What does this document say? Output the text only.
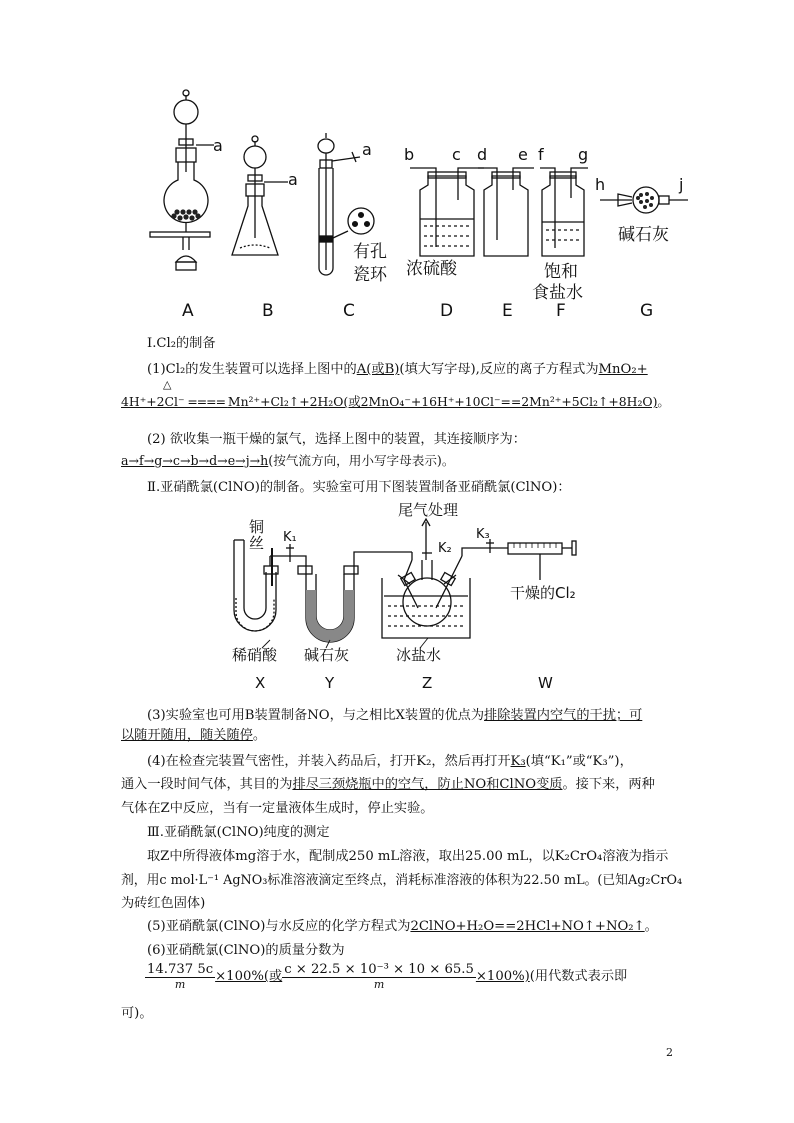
a
a
a b c d e f g
h	j
有孔
瓷环 浓硫酸	饱和
食盐水
碱石灰
A	B	C	D	E	F	G
Ⅰ.Cl₂的制备
(1)Cl₂的发生装置可以选择上图中的A(或B)(填大写字母),反应的离子方程式为MnO₂+
△
4H⁺+2Cl⁻ ==== Mn²⁺+Cl₂↑+2H₂O(或2MnO₄⁻+16H⁺+10Cl⁻==2Mn²⁺+5Cl₂↑+8H₂O)。
(2) 欲收集一瓶干燥的氯气，选择上图中的装置，其连接顺序为：
a→f→g→c→b→d→e→j→h(按气流方向，用小写字母表示)。
Ⅱ.亚硝酰氯(ClNO)的制备。实验室可用下图装置制备亚硝酰氯(ClNO)：
铜
丝 K₁
K₂
K₃
尾气处理
干燥的Cl₂
稀硝酸 碱石灰	冰盐水
X	Y	Z	W
(3)实验室也可用B装置制备NO，与之相比X装置的优点为排除装置内空气的干扰；可
以随开随用，随关随停。
(4)在检查完装置气密性，并装入药品后，打开K₂，然后再打开K₃(填“K₁”或“K₃”)，
通入一段时间气体，其目的为排尽三颈烧瓶中的空气，防止NO和ClNO变质。接下来，两种
气体在Z中反应，当有一定量液体生成时，停止实验。
Ⅲ.亚硝酰氯(ClNO)纯度的测定
取Z中所得液体mg溶于水，配制成250 mL溶液，取出25.00 mL，以K₂CrO₄溶液为指示
剂，用c mol·L⁻¹ AgNO₃标准溶液滴定至终点，消耗标准溶液的体积为22.50 mL。(已知Ag₂CrO₄
为砖红色固体)
(5)亚硝酰氯(ClNO)与水反应的化学方程式为2ClNO+H₂O==2HCl+NO↑+NO₂↑。
(6)亚硝酰氯(ClNO)的质量分数为
$\frac{14.737 5c}{m} \times 100\%$(或 $\frac{\text{c × 22.5 × 10⁻³ × 10 × 65.5}}{m} \times 100\%$)(用代数式表示即
可)。
2
